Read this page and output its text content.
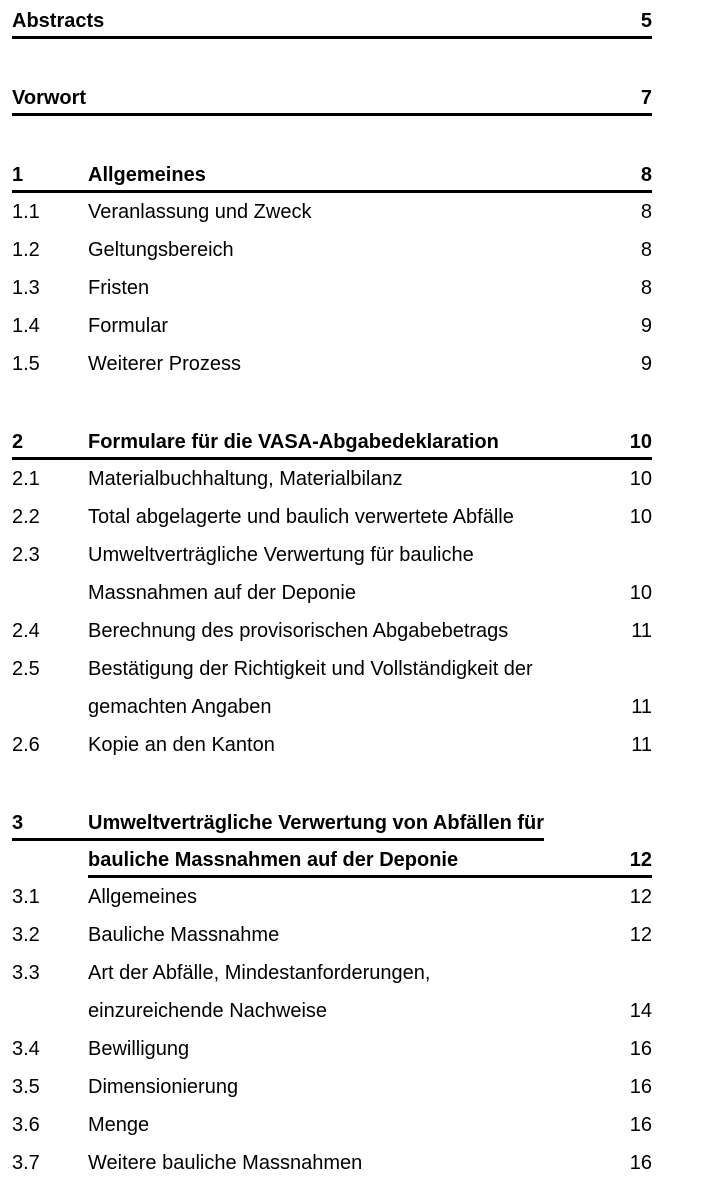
Abstracts	5
Vorwort	7
1	Allgemeines	8
1.1	Veranlassung und Zweck	8
1.2	Geltungsbereich	8
1.3	Fristen	8
1.4	Formular	9
1.5	Weiterer Prozess	9
2	Formulare für die VASA-Abgabedeklaration	10
2.1	Materialbuchhaltung, Materialbilanz	10
2.2	Total abgelagerte und baulich verwertete Abfälle	10
2.3	Umweltverträgliche Verwertung für bauliche
Massnahmen auf der Deponie	10
2.4	Berechnung des provisorischen Abgabebetrags	11
2.5	Bestätigung der Richtigkeit und Vollständigkeit der
gemachten Angaben	11
2.6	Kopie an den Kanton	11
3	Umweltverträgliche Verwertung von Abfällen für
bauliche Massnahmen auf der Deponie	12
3.1	Allgemeines	12
3.2	Bauliche Massnahme	12
3.3	Art der Abfälle, Mindestanforderungen,
einzureichende Nachweise	14
3.4	Bewilligung	16
3.5	Dimensionierung	16
3.6	Menge	16
3.7	Weitere bauliche Massnahmen	16
